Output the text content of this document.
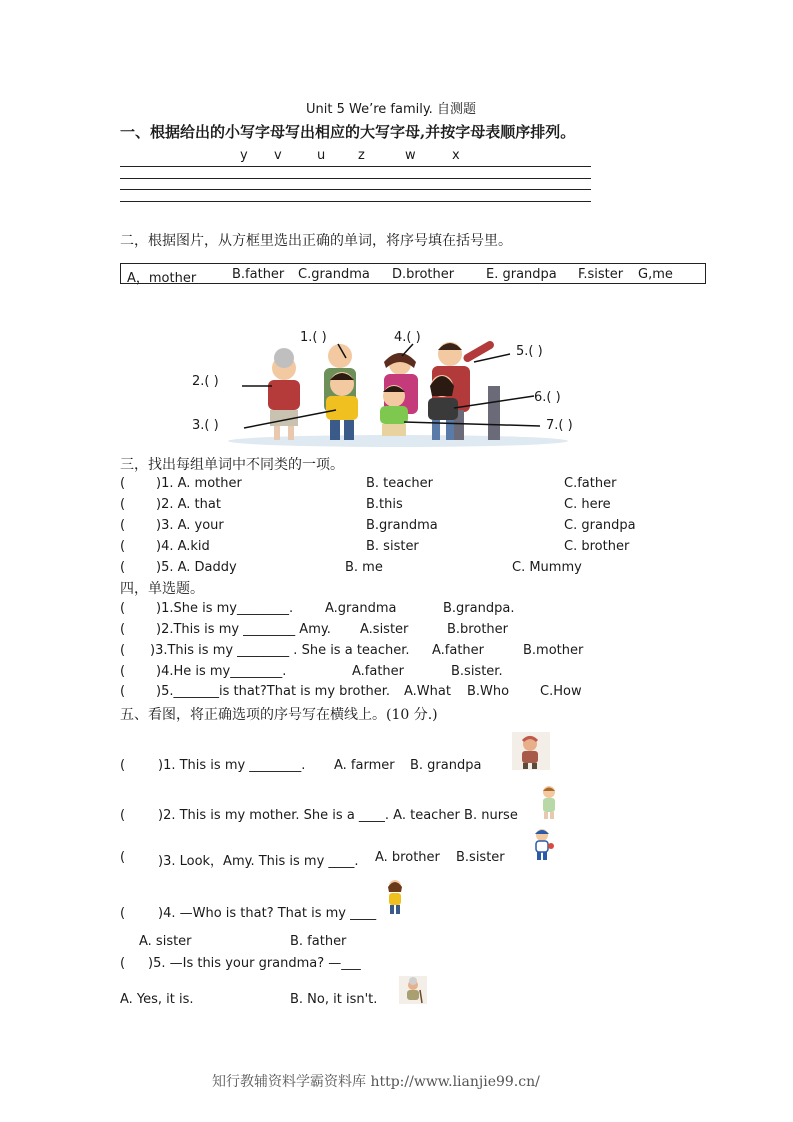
Unit 5 We’re family. 自测题
一、根据给出的小写字母写出相应的大写字母,并按字母表顺序排列。
y v	u	z	w	x
二，根据图片，从方框里选出正确的单词，将序号填在括号里。
A，mother	B.father C.grandma D.brother E. grandpa F.sister G,me
1.( )
2.( )
3.( )
4.( )
5.( )
6.( )
7.( )
三，找出每组单词中不同类的一项。
( )1. A. mother	B. teacher	C.father
( )2. A. that	B.this	C. here
( )3. A. your	B.grandma	C. grandpa
( )4. A.kid	B. sister	C. brother
( )5. A. Daddy	B. me	C. Mummy
四，单选题。
( )1.She is my________. A.grandma	B.grandpa.
( )2.This is my ________ Amy. A.sister	B.brother
( )3.This is my ________ . She is a teacher. A.father	B.mother
( )4.He is my________.	A.father	B.sister.
( )5._______is that?That is my brother. A.What B.Who C.How
五、看图，将正确选项的序号写在横线上。(10 分.)
(	)1. This is my ________. A. farmer B. grandpa
(	)2. This is my mother. She is a ____. A. teacher B. nurse
(	)3. Look，Amy. This is my ____. A. brother B.sister
(	)4. —Who is that? That is my ____
A. sister	B. father
( )5. —Is this your grandma? —___
A. Yes, it is.	B. No, it isn't.
知行教辅资料学霸资料库 http://www.lianjie99.cn/
